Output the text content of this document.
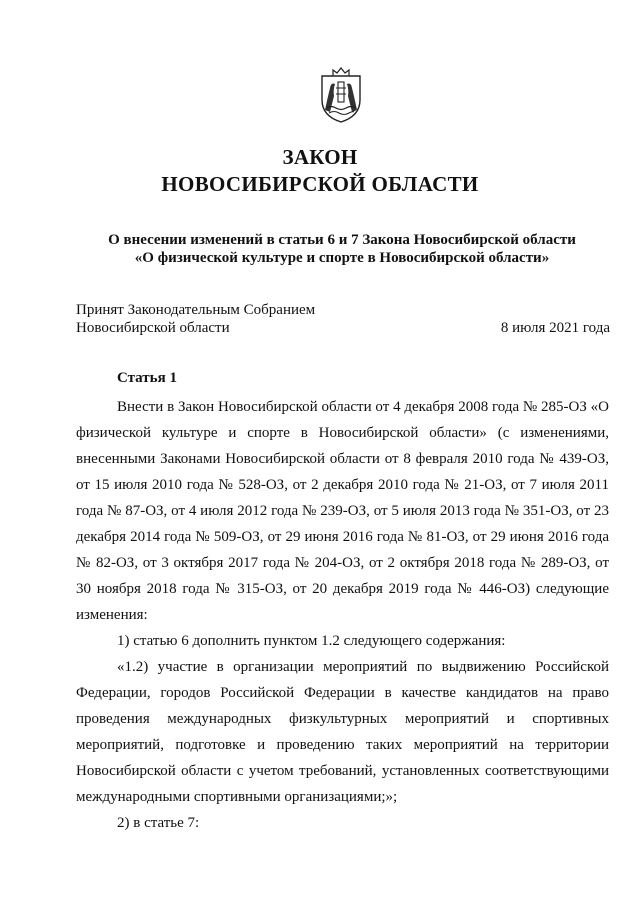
ЗАКОН
НОВОСИБИРСКОЙ ОБЛАСТИ
О внесении изменений в статьи 6 и 7 Закона Новосибирской области
«О физической культуре и спорте в Новосибирской области»
Принят Законодательным Собранием
Новосибирской области	8 июля 2021 года
Статья 1

Внести в Закон Новосибирской области от 4 декабря 2008 года № 285-ОЗ «О физической культуре и спорте в Новосибирской области» (с изменениями, внесенными Законами Новосибирской области от 8 февраля 2010 года № 439-ОЗ, от 15 июля 2010 года № 528-ОЗ, от 2 декабря 2010 года № 21-ОЗ, от 7 июля 2011 года № 87-ОЗ, от 4 июля 2012 года № 239-ОЗ, от 5 июля 2013 года № 351-ОЗ, от 23 декабря 2014 года № 509-ОЗ, от 29 июня 2016 года № 81-ОЗ, от 29 июня 2016 года № 82-ОЗ, от 3 октября 2017 года № 204-ОЗ, от 2 октября 2018 года № 289-ОЗ, от 30 ноября 2018 года № 315-ОЗ, от 20 декабря 2019 года № 446-ОЗ) следующие изменения:

1) статью 6 дополнить пунктом 1.2 следующего содержания:

«1.2) участие в организации мероприятий по выдвижению Российской Федерации, городов Российской Федерации в качестве кандидатов на право проведения международных физкультурных мероприятий и спортивных мероприятий, подготовке и проведению таких мероприятий на территории Новосибирской области с учетом требований, установленных соответствующими международными спортивными организациями;»;

2) в статье 7:
